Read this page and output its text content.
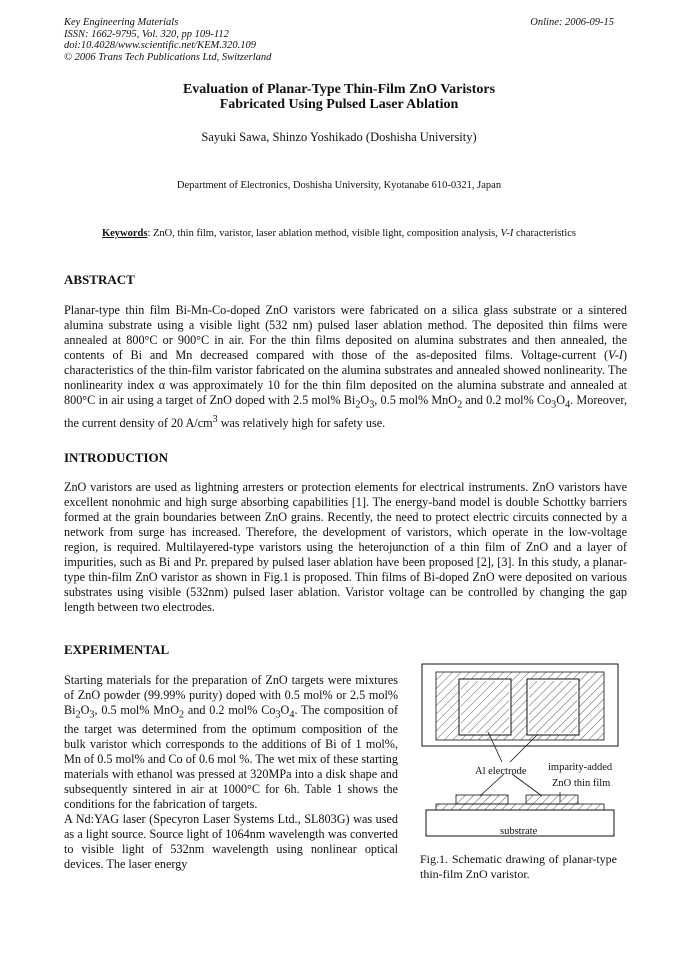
Key Engineering Materials
ISSN: 1662-9795, Vol. 320, pp 109-112
doi:10.4028/www.scientific.net/KEM.320.109
© 2006 Trans Tech Publications Ltd, Switzerland
Online: 2006-09-15
Evaluation of Planar-Type Thin-Film ZnO Varistors
Fabricated Using Pulsed Laser Ablation
Sayuki Sawa, Shinzo Yoshikado (Doshisha University)
Department of Electronics, Doshisha University, Kyotanabe 610-0321, Japan
Keywords: ZnO, thin film, varistor, laser ablation method, visible light, composition analysis, V-I characteristics
ABSTRACT
Planar-type thin film Bi-Mn-Co-doped ZnO varistors were fabricated on a silica glass substrate or a sintered alumina substrate using a visible light (532 nm) pulsed laser ablation method. The deposited thin films were annealed at 800°C or 900°C in air. For the thin films deposited on alumina substrates and then annealed, the contents of Bi and Mn decreased compared with those of the as-deposited films. Voltage-current (V-I) characteristics of the thin-film varistor fabricated on the alumina substrates and annealed showed nonlinearity. The nonlinearity index α was approximately 10 for the thin film deposited on the alumina substrate and annealed at 800°C in air using a target of ZnO doped with 2.5 mol% $Bi_2O_3$, 0.5 mol% MnO$_2$ and 0.2 mol% $Co_3O_4$. Moreover, the current density of 20 $A/cm^3$ was relatively high for safety use.
INTRODUCTION
ZnO varistors are used as lightning arresters or protection elements for electrical instruments. ZnO varistors have excellent nonohmic and high surge absorbing capabilities [1]. The energy-band model is double Schottky barriers formed at the grain boundaries between ZnO grains. Recently, the need to protect electric circuits connected by a network from surge has increased. Therefore, the development of varistors, which operate in the low-voltage region, is required. Multilayered-type varistors using the heterojunction of a thin film of ZnO and a layer of impurities, such as Bi and Pr. prepared by pulsed laser ablation have been proposed [2], [3]. In this study, a planar-type thin-film ZnO varistor as shown in Fig.1 is proposed. Thin films of Bi-doped ZnO were deposited on various substrates using visible (532nm) pulsed laser ablation. Varistor voltage can be controlled by changing the gap length between two electrodes.
EXPERIMENTAL
Starting materials for the preparation of ZnO targets were mixtures of ZnO powder (99.99% purity) doped with 0.5 mol% or 2.5 mol% $Bi_2O_3$, 0.5 mol% MnO$_2$ and 0.2 mol% $Co_3O_4$. The composition of the target was determined from the optimum composition of the bulk varistor which corresponds to the additions of Bi of 1 mol%, Mn of 0.5 mol% and Co of 0.6 mol %. The wet mix of these starting materials with ethanol was pressed at 320MPa into a disk shape and subsequently sintered in air at 1000°C for 6h. Table 1 shows the conditions for the fabrication of targets.
A Nd:YAG laser (Specyron Laser Systems Ltd., SL803G) was used as a light source. Source light of 1064nm wavelength was converted to visible light of 532nm wavelength using nonlinear optical devices. The laser energy
Al electrode imparity-added
ZnO thin film
substrate
Fig.1. Schematic drawing of planar-type thin-film ZnO varistor.
